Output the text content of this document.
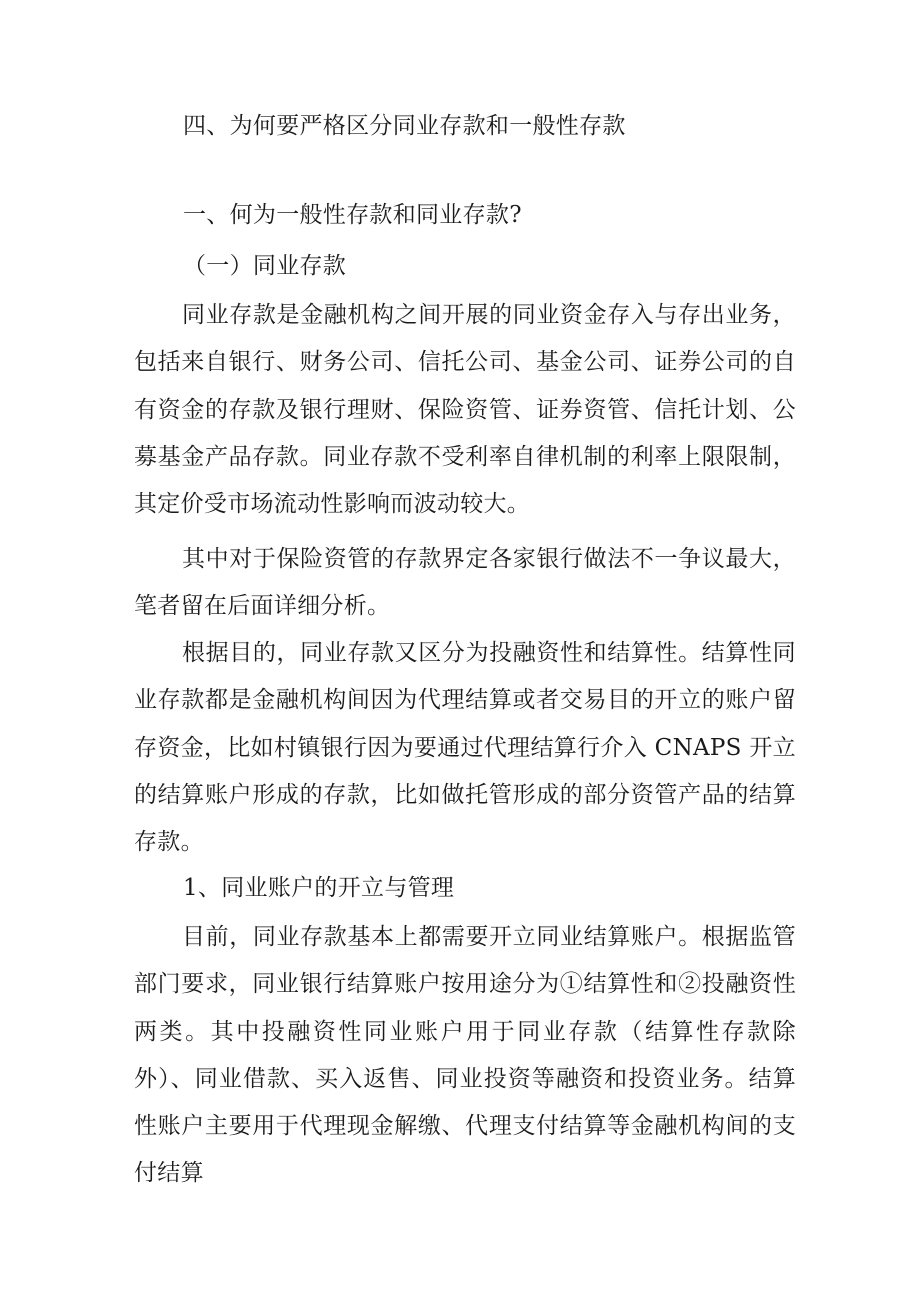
四、为何要严格区分同业存款和一般性存款

一、何为一般性存款和同业存款?

（一）同业存款

同业存款是金融机构之间开展的同业资金存入与存出业务，包括来自银行、财务公司、信托公司、基金公司、证券公司的自有资金的存款及银行理财、保险资管、证券资管、信托计划、公募基金产品存款。同业存款不受利率自律机制的利率上限限制，其定价受市场流动性影响而波动较大。

其中对于保险资管的存款界定各家银行做法不一争议最大，笔者留在后面详细分析。

根据目的，同业存款又区分为投融资性和结算性。结算性同业存款都是金融机构间因为代理结算或者交易目的开立的账户留存资金，比如村镇银行因为要通过代理结算行介入 CNAPS 开立的结算账户形成的存款，比如做托管形成的部分资管产品的结算存款。

1、同业账户的开立与管理

目前，同业存款基本上都需要开立同业结算账户。根据监管部门要求，同业银行结算账户按用途分为①结算性和②投融资性两类。其中投融资性同业账户用于同业存款（结算性存款除外）、同业借款、买入返售、同业投资等融资和投资业务。结算性账户主要用于代理现金解缴、代理支付结算等金融机构间的支付结算
